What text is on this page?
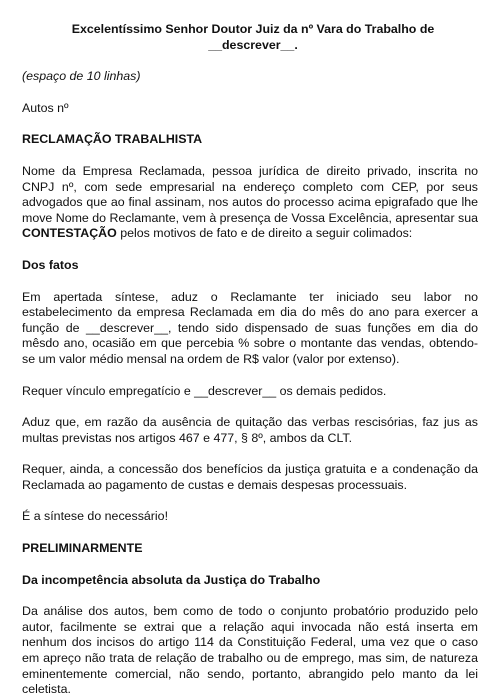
Excelentíssimo Senhor Doutor Juiz da nº Vara do Trabalho de __descrever__.

(espaço de 10 linhas)

Autos nº

RECLAMAÇÃO TRABALHISTA

Nome da Empresa Reclamada, pessoa jurídica de direito privado, inscrita no CNPJ nº, com sede empresarial na endereço completo com CEP, por seus advogados que ao final assinam, nos autos do processo acima epigrafado que lhe move Nome do Reclamante, vem à presença de Vossa Excelência, apresentar sua CONTESTAÇÃO pelos motivos de fato e de direito a seguir colimados:

Dos fatos

Em apertada síntese, aduz o Reclamante ter iniciado seu labor no estabelecimento da empresa Reclamada em dia do mês do ano para exercer a função de __descrever__, tendo sido dispensado de suas funções em dia do mêsdo ano, ocasião em que percebia % sobre o montante das vendas, obtendo-se um valor médio mensal na ordem de R$ valor (valor por extenso).

Requer vínculo empregatício e __descrever__ os demais pedidos.

Aduz que, em razão da ausência de quitação das verbas rescisórias, faz jus as multas previstas nos artigos 467 e 477, § 8º, ambos da CLT.

Requer, ainda, a concessão dos benefícios da justiça gratuita e a condenação da Reclamada ao pagamento de custas e demais despesas processuais.

É a síntese do necessário!

PRELIMINARMENTE

Da incompetência absoluta da Justiça do Trabalho

Da análise dos autos, bem como de todo o conjunto probatório produzido pelo autor, facilmente se extrai que a relação aqui invocada não está inserta em nenhum dos incisos do artigo 114 da Constituição Federal, uma vez que o caso em apreço não trata de relação de trabalho ou de emprego, mas sim, de natureza eminentemente comercial, não sendo, portanto, abrangido pelo manto da lei celetista.
